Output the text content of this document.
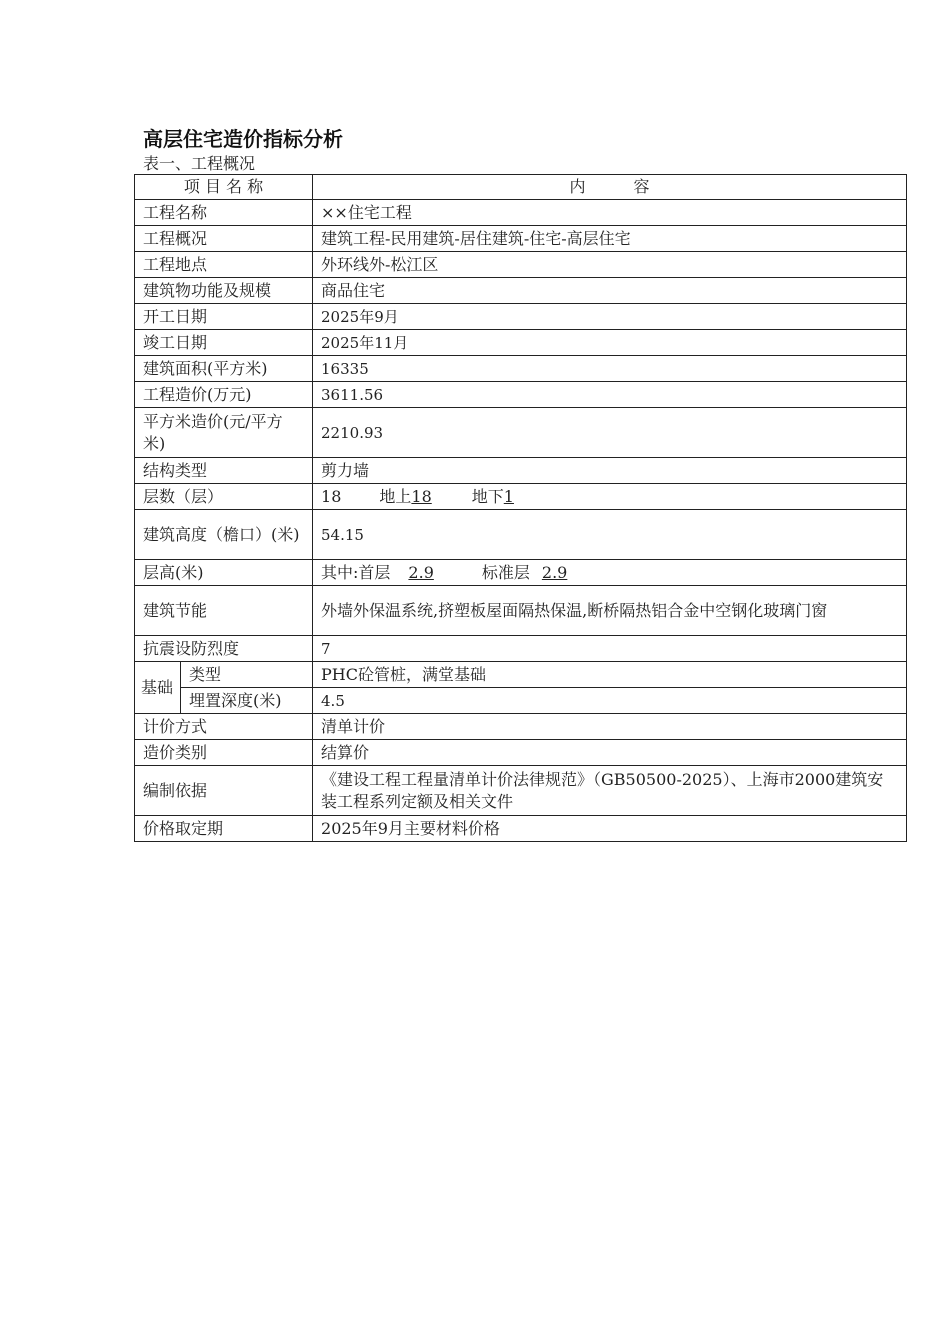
高层住宅造价指标分析
表一、工程概况
项 目 名 称		内　　　容
工程名称		××住宅工程
工程概况		建筑工程-民用建筑-居住建筑-住宅-高层住宅
工程地点		外环线外-松江区
建筑物功能及规模		商品住宅
开工日期		2025年9月
竣工日期		2025年11月
建筑面积(平方米)		16335
工程造价(万元)		3611.56
平方米造价(元/平方米)		2210.93
结构类型		剪力墙
层数（层）		18 地上18 地下1
建筑高度（檐口）(米)		54.15
层高(米)		其中:首层 2.9 标准层 2.9
建筑节能		外墙外保温系统,挤塑板屋面隔热保温,断桥隔热铝合金中空钢化玻璃门窗
抗震设防烈度		7
基础	类型	PHC砼管桩，满堂基础
	埋置深度(米)	4.5
计价方式		清单计价
造价类别		结算价
编制依据		《建设工程工程量清单计价法律规范》（GB50500-2025）、上海市2000建筑安装工程系列定额及相关文件
价格取定期		2025年9月主要材料价格
